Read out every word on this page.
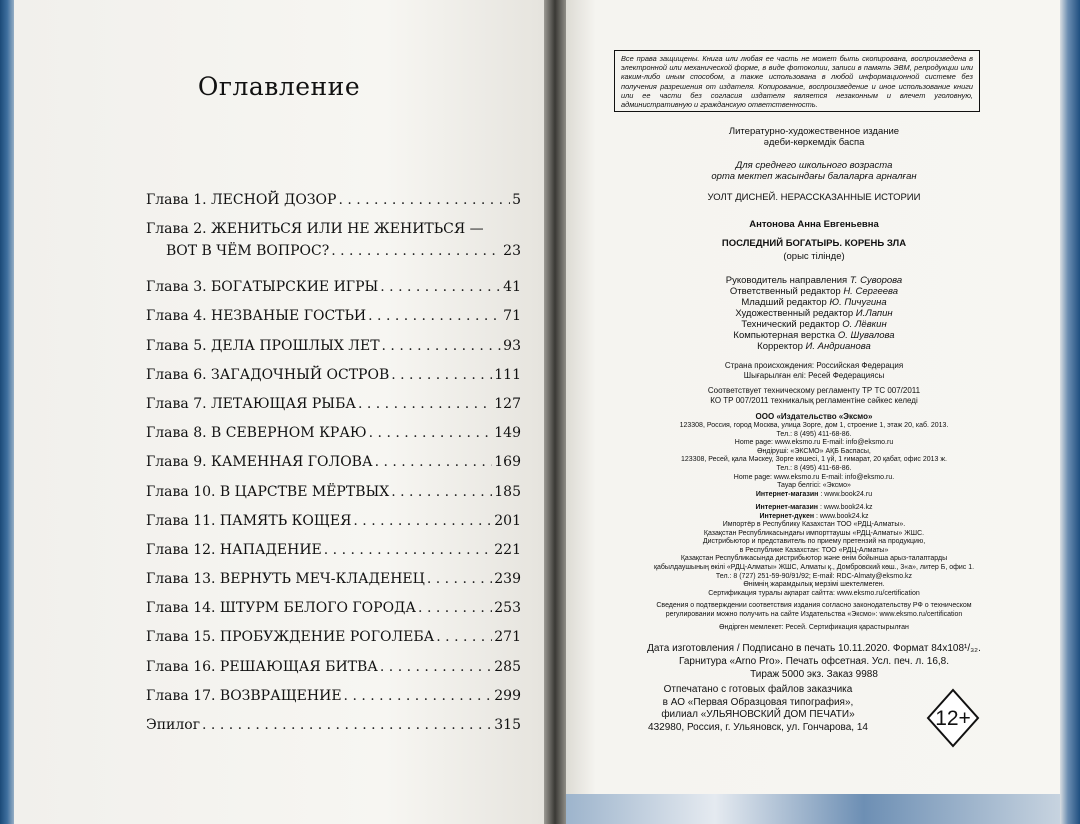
Оглавление
Глава 1. ЛЕСНОЙ ДОЗОР . . .	5
Глава 2. ЖЕНИТЬСЯ ИЛИ НЕ ЖЕНИТЬСЯ —
ВОТ В ЧЁМ ВОПРОС? . . .	23
Глава 3. БОГАТЫРСКИЕ ИГРЫ . . .	41
Глава 4. НЕЗВАНЫЕ ГОСТЬИ . . .	71
Глава 5. ДЕЛА ПРОШЛЫХ ЛЕТ . . .	93
Глава 6. ЗАГАДОЧНЫЙ ОСТРОВ . . .	111
Глава 7. ЛЕТАЮЩАЯ РЫБА . . .	127
Глава 8. В СЕВЕРНОМ КРАЮ . . .	149
Глава 9. КАМЕННАЯ ГОЛОВА . . .	169
Глава 10. В ЦАРСТВЕ МЁРТВЫХ . . .	185
Глава 11. ПАМЯТЬ КОЩЕЯ . . .	201
Глава 12. НАПАДЕНИЕ . . .	221
Глава 13. ВЕРНУТЬ МЕЧ-КЛАДЕНЕЦ . . .	239
Глава 14. ШТУРМ БЕЛОГО ГОРОДА . . .	253
Глава 15. ПРОБУЖДЕНИЕ РОГОЛЕБА . . .	271
Глава 16. РЕШАЮЩАЯ БИТВА . . .	285
Глава 17. ВОЗВРАЩЕНИЕ . . .	299
Эпилог . . .	315
Все права защищены. Книга или любая ее часть не может быть скопирована, воспроизведена в электронной или механической форме, в виде фотокопии, записи в память ЭВМ, репродукции или каким-либо иным способом, а также использована в любой информационной системе без получения разрешения от издателя. Копирование, воспроизведение и иное использование книги или ее части без согласия издателя является незаконным и влечет уголовную, административную и гражданскую ответственность.
Литературно-художественное издание
әдеби-көркемдік баспа
Для среднего школьного возраста
орта мектеп жасындағы балаларға арналған
УОЛТ ДИСНЕЙ. НЕРАССКАЗАННЫЕ ИСТОРИИ
Антонова Анна Евгеньевна
ПОСЛЕДНИЙ БОГАТЫРЬ. КОРЕНЬ ЗЛА
(орыс тілінде)
Руководитель направления Т. Суворова
Ответственный редактор Н. Сергеева
Младший редактор Ю. Пичугина
Художественный редактор И.Лапин
Технический редактор О. Лёвкин
Компьютерная верстка О. Шувалова
Корректор И. Андрианова
Страна происхождения: Российская Федерация
Шығарылған елі: Ресей Федерациясы
Соответствует техническому регламенту ТР ТС 007/2011
КО ТР 007/2011 техникалық регламентіне сәйкес келеді
ООО «Издательство «Эксмо»
123308, Россия, город Москва, улица Зорге, дом 1, строение 1, этаж 20, каб. 2013.
Тел.: 8 (495) 411-68-86.
Home page: www.eksmo.ru E-mail: info@eksmo.ru
Өндіруші: «ЭКСМО» АҚБ Баспасы,
123308, Ресей, қала Мәскеу, Зорге көшесі, 1 үй, 1 ғимарат, 20 қабат, офис 2013 ж.
Тел.: 8 (495) 411-68-86.
Home page: www.eksmo.ru E-mail: info@eksmo.ru.
Тауар белгісі: «Эксмо»
Интернет-магазин : www.book24.ru
Интернет-магазин : www.book24.kz
Интернет-дүкен : www.book24.kz
Импортёр в Республику Казахстан ТОО «РДЦ-Алматы».
Қазақстан Республикасындағы импорттаушы «РДЦ-Алматы» ЖШС.
Дистрибьютор и представитель по приему претензий на продукцию,
в Республике Казахстан: ТОО «РДЦ-Алматы»
Қазақстан Республикасында дистрибьютор және өнім бойынша арыз-талаптарды
қабылдаушының өкілі «РДЦ-Алматы» ЖШС, Алматы қ., Домбровский көш., 3«а», литер Б, офис 1.
Тел.: 8 (727) 251-59-90/91/92; E-mail: RDC-Almaty@eksmo.kz
Өнімнің жарамдылық мерзімі шектелмеген.
Сертификация туралы ақпарат сайтта: www.eksmo.ru/certification
Сведения о подтверждении соответствия издания согласно законодательству РФ о техническом
регулировании можно получить на сайте Издательства «Эксмо»: www.eksmo.ru/certification
Өндірген мемлекет: Ресей. Сертификация қарастырылған
Дата изготовления / Подписано в печать 10.11.2020. Формат 84x108¹/₃₂.
Гарнитура «Arno Pro». Печать офсетная. Усл. печ. л. 16,8.
Тираж 5000 экз. Заказ 9988
Отпечатано с готовых файлов заказчика
в АО «Первая Образцовая типография»,
филиал «УЛЬЯНОВСКИЙ ДОМ ПЕЧАТИ»
432980, Россия, г. Ульяновск, ул. Гончарова, 14	12+
